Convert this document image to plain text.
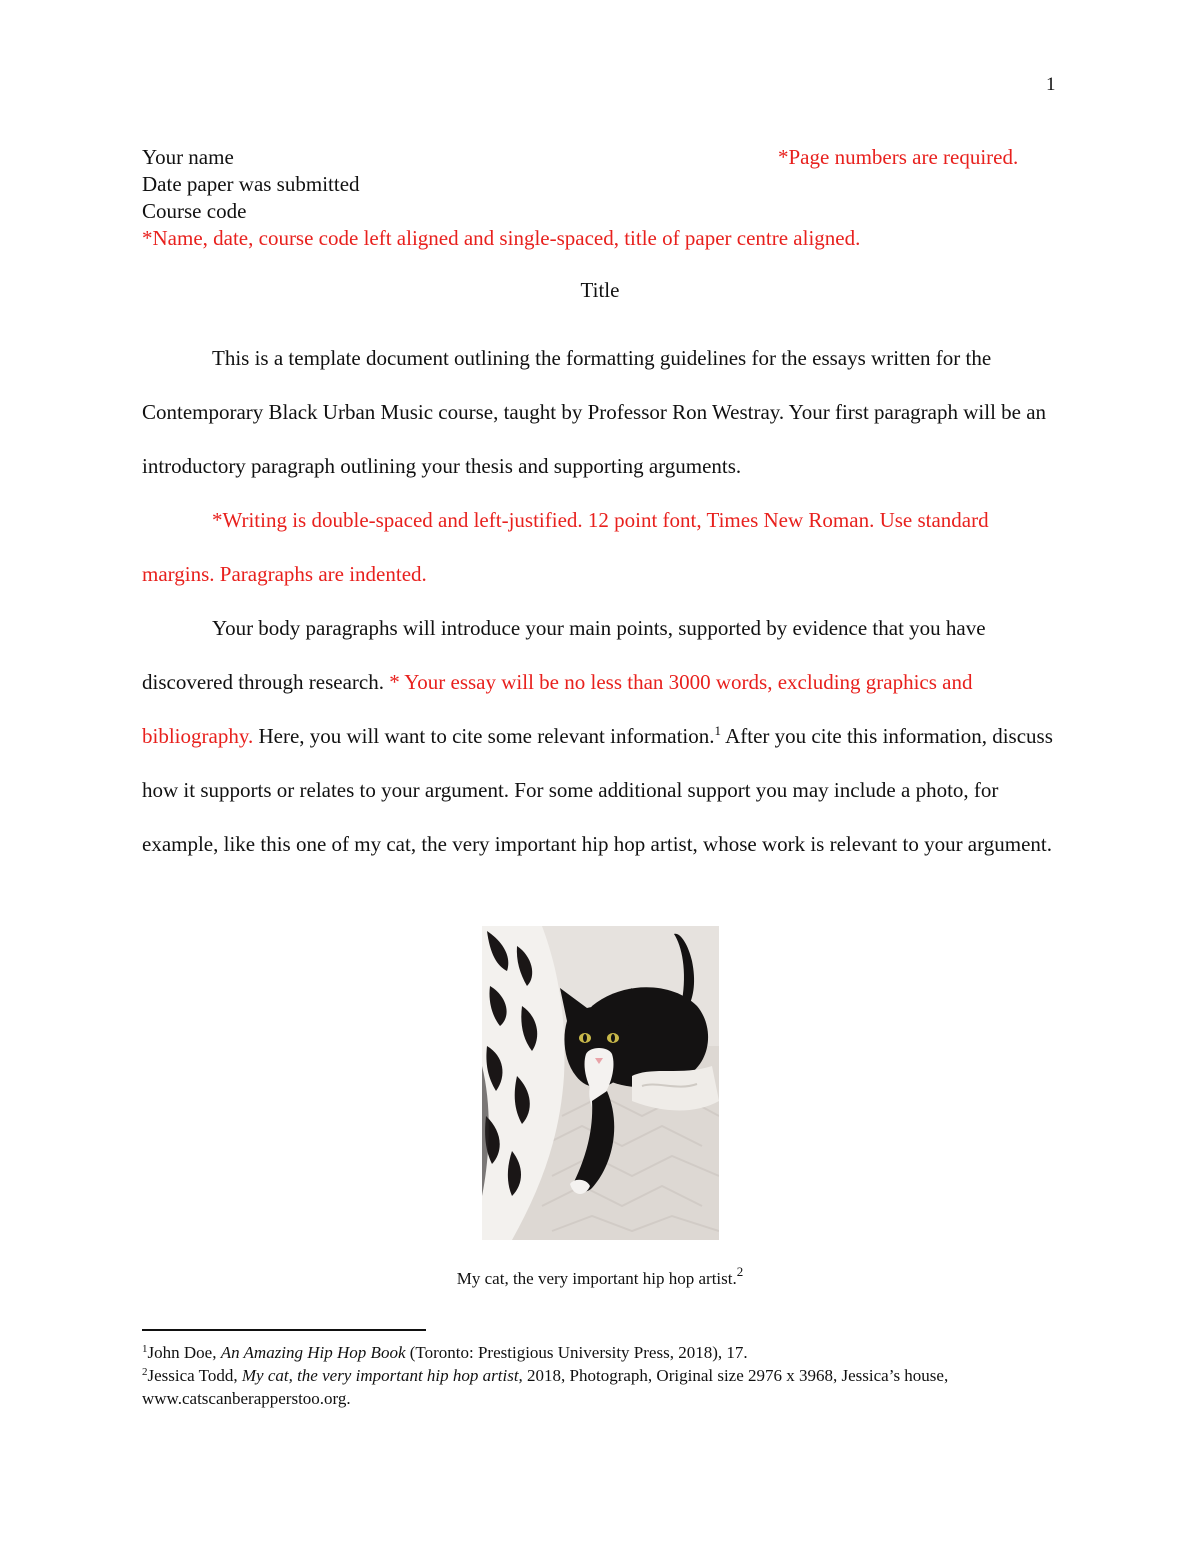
1
Your name
Date paper was submitted
Course code
*Name, date, course code left aligned and single-spaced, title of paper centre aligned.
*Page numbers are required.
Title

This is a template document outlining the formatting guidelines for the essays written for the Contemporary Black Urban Music course, taught by Professor Ron Westray. Your first paragraph will be an introductory paragraph outlining your thesis and supporting arguments.

*Writing is double-spaced and left-justified. 12 point font, Times New Roman. Use standard margins. Paragraphs are indented.

Your body paragraphs will introduce your main points, supported by evidence that you have discovered through research. * Your essay will be no less than 3000 words, excluding graphics and bibliography. Here, you will want to cite some relevant information.$^1$ After you cite this information, discuss how it supports or relates to your argument. For some additional support you may include a photo, for example, like this one of my cat, the very important hip hop artist, whose work is relevant to your argument.

My cat, the very important hip hop artist.$^2$

$^1$John Doe, An Amazing Hip Hop Book (Toronto: Prestigious University Press, 2018), 17.

$^2$Jessica Todd, My cat, the very important hip hop artist, 2018, Photograph, Original size 2976 x 3968, Jessica’s house, www.catscanberapperstoo.org.
